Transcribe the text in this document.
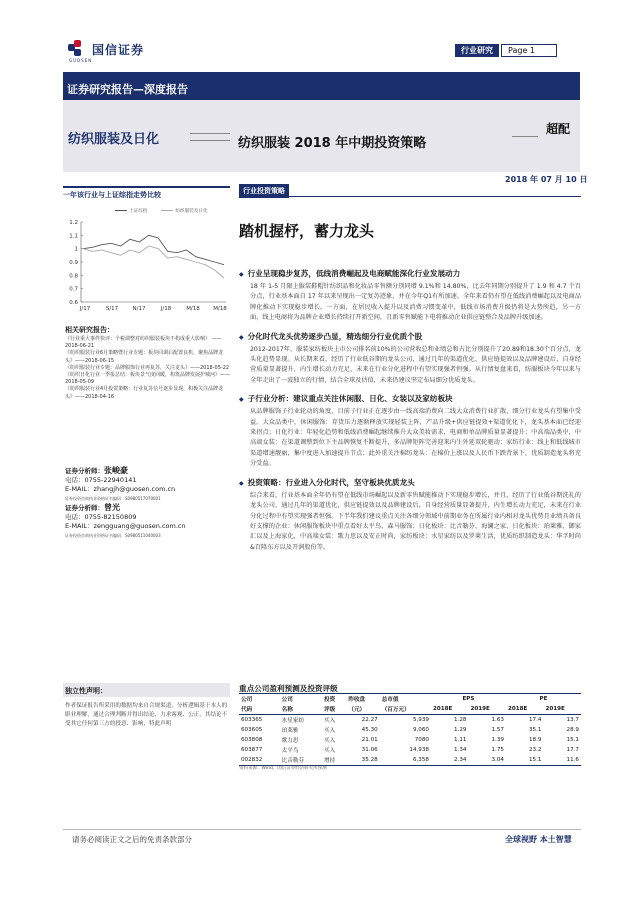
国信证券
GUOSEN
行业研究	Page 1
证券研究报告—深度报告
纺织服装及日化	纺织服装 2018 年中期投资策略
超配
2018 年 07 月 10 日
一年该行业与上证综指走势比较
上证综指	纺织服装及日化
1.2
1.1
1
0.9
0.8
0.7
0.6
J/17	S/17	N/17	J/18	M/18 M/18
相关研究报告：

《行业重大事件快评：个税调整对纺织服装板块不构成重大影响》 ——2018-06-21

《纺织服装行业6月策略暨行业专题：板块回调后配置良机，聚焦品牌龙头》——2018-06-15

《纺织服装行业专题：品牌服饰行业再复苏，关注龙头》——2018-05-22

《纺织日化行业一季报总结：板块景气度回暖，构筑品牌发展护城河》——2018-05-09

《纺织服装行业4月投资策略：行业复苏信号逐步显现，积极关注品牌龙头》——2018-04-16

证券分析师：张峻豪
电话：0755-22940141
E-MAIL：zhangjh@guosen.com.cn
证券投资咨询执业资格证书编码：S0980517070001
证券分析师：曾光
电话：0755-82150809
E-MAIL：zengguang@guosen.com.cn
证券投资咨询执业资格证书编码：S0980511040003
独立性声明：
作者保证报告所采用的数据均来自合规渠道，分析逻辑基于本人的职业理解，通过合理判断并得出结论，力求客观、公正，其结论不受其它任何第三方的授意、影响，特此声明
行业投资策略
踏机握杼，蓄力龙头
◆ 行业呈现稳步复苏，低线消费崛起及电商赋能深化行业发展动力
18 年 1-5 月限上服装鞋帽针纺织品和化妆品零售额分别同增 9.1%和 14.80%，比去年同期分别提升了 1.9 和 4.7 个百分点，行业基本面自 17 年以来呈现出一定复苏迹象，并在今年Q1有所加速。全年来看仍有望在低线消费崛起以及电商品牌化推动下实现稳步增长。一方面，在居民收入提升以及消费习惯变革中，低线市场消费升级仍将是大势所趋，另一方面，线上电商将为品牌企业增长持续打开新空间，且新零售赋能下电将推动企业供应链整合及品牌升级加速。
◆ 分化时代龙头优势逐步凸显，精选细分行业优质个股
2012-2017年，服装家纺板块上市公司排名前10%的公司营收总和业绩总和占比分别提升了20.89和18.30个百分点，龙头化趋势显现。从长期来看，经历了行业低谷期的龙头公司，通过几年的渠道优化、供应链提效以及品牌建设后，自身经营质量显著提升，内生增长动力充足，未来在行业分化进程中有望实现强者恒强。从行情复盘来看，纺服板块今年以来与全年走出了一波独立的行情，结合全球及估值，未来仍建议坚定布局细分优质龙头。
◆ 子行业分析：建议重点关注休闲服、日化、女装以及家纺板块
从品牌服饰子行业轮动的角度，目前子行业正在逐步由一线高端消费向二线大众消费行业扩散，细分行业龙头有望集中受益。大众品类中，休闲服饰：存货压力逐渐释放实现轻装上阵，产品升级+供应链提效+渠道优化下，龙头基本面已经迎来拐点；日化行业：年轻化趋势和低线消费崛起继续推升大众美妆需求，电商和单品牌质量显著提升；中高端品类中，中高端女装：在渠道调整到位下主品牌恢复不断提升，多品牌矩阵完善迎来内生外延双轮驱动；家纺行业：线上和低线城市渠道增速靓丽，集中度进入加速提升节点；此外重关注棉纺龙头：在棉价上涨以及人民币下跌背景下，优质制造龙头将充分受益。
◆ 投资策略：行业进入分化时代，坚守板块优质龙头
综合来看，行业基本面全年仍有望在低线市场崛起以及新零售赋能推动下实现稳步增长，并且，经历了行业低谷期洗礼的龙头公司，通过几年的渠道优化，供应链提效以及品牌建设后，自身经营质量显著提升，内生增长动力充足，未来在行业分化过程中有望实现强者恒强。下半年我们建议重点关注各细分领域中前期业务在所属行业内相对龙头优势且业绩具备良好支撑的企业：休闲服饰板块中重点看好太平鸟、森马服饰；日化板块：比音勒芬、海澜之家、日化板块：珀莱雅、御家汇以及上海家化，中高端女装：歌力思以及安正时尚，家纺板块：水星家纺以及罗莱生活，优质纺织制造龙头：华孚时尚&百隆东方以及开润股份等。
重点公司盈利预测及投资评级
公司	公司	投资	昨收盘	总市值	EPS		PE	
代码	名称	评级	（元）	（百万元）	2018E	2019E	2018E	2019E
603365	水星家纺	买入	22.27	5,939	1.28	1.63	17.4	13.7
603605	珀莱雅	买入	45.30	9,060	1.29	1.57	35.1	28.9
603808	歌力思	买入	21.01	7080	1.11	1.39	18.9	15.1
603877	太平鸟	买入	31.06	14,938	1.34	1.75	23.2	17.7
002832	比音勒芬	增持	35.28	6,358	2.34	3.04	15.1	11.6
资料来源：Wind、国信证券经济研究所预测
请务必阅读正文之后的免责条款部分	全球视野 本土智慧
